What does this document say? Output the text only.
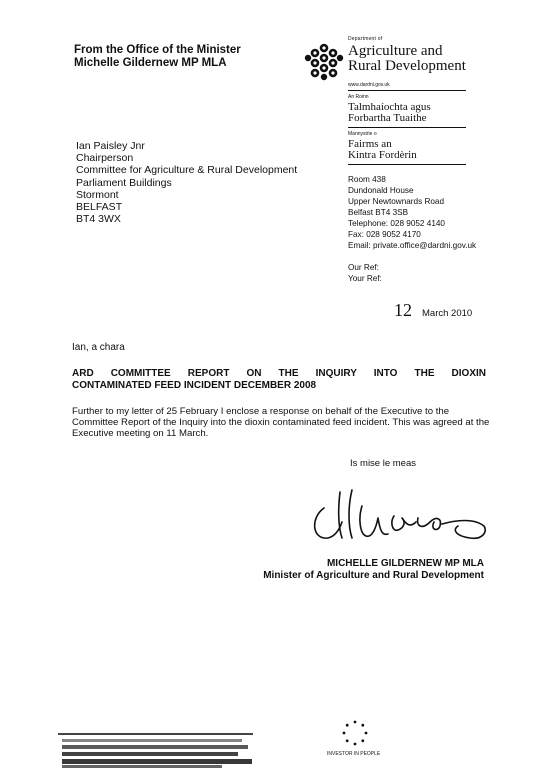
From the Office of the Minister
Michelle Gildernew MP MLA
Department of
Agriculture and
Rural Development
www.dardni.gov.uk
An Roinn
Talmhaíochta agus
Forbartha Tuaithe
Mannystrie o
Fairms an
Kintra Fordèrin
Ian Paisley Jnr
Chairperson
Committee for Agriculture & Rural Development
Parliament Buildings
Stormont
BELFAST
BT4 3WX
Room 438
Dundonald House
Upper Newtownards Road
Belfast BT4 3SB
Telephone: 028 9052 4140
Fax: 028 9052 4170
Email: private.office@dardni.gov.uk
Our Ref:
Your Ref:
12 March 2010
Ian, a chara
ARD COMMITTEE REPORT ON THE INQUIRY INTO THE DIOXIN
CONTAMINATED FEED INCIDENT DECEMBER 2008
Further to my letter of 25 February I enclose a response on behalf of the Executive to the Committee Report of the Inquiry into the dioxin contaminated feed incident. This was agreed at the Executive meeting on 11 March.
Is mise le meas
MICHELLE GILDERNEW MP MLA
Minister of Agriculture and Rural Development
INVESTOR IN PEOPLE
